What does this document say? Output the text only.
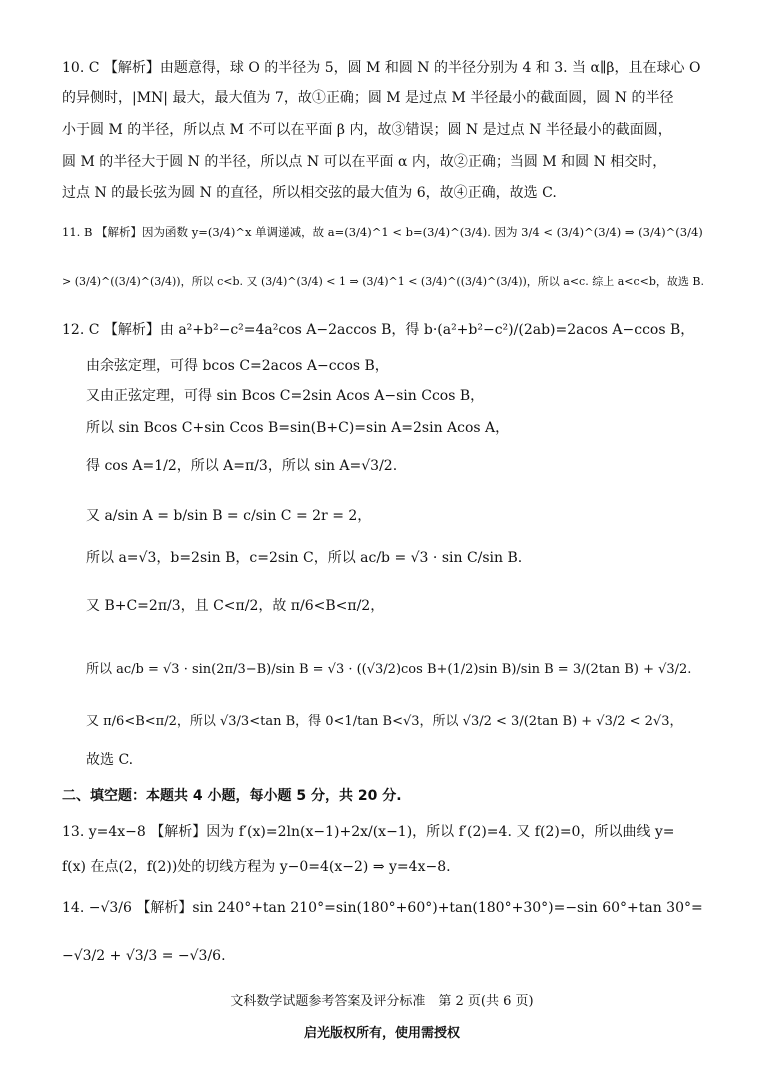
10. C 【解析】由题意得，球 O 的半径为 5，圆 M 和圆 N 的半径分别为 4 和 3. 当 α∥β，且在球心 O
的异侧时，|MN| 最大，最大值为 7，故①正确；圆 M 是过点 M 半径最小的截面圆，圆 N 的半径
小于圆 M 的半径，所以点 M 不可以在平面 β 内，故③错误；圆 N 是过点 N 半径最小的截面圆，
圆 M 的半径大于圆 N 的半径，所以点 N 可以在平面 α 内，故②正确；当圆 M 和圆 N 相交时，
过点 N 的最长弦为圆 N 的直径，所以相交弦的最大值为 6，故④正确，故选 C.
11. B 【解析】因为函数 y=(3/4)^x 单调递减，故 a=(3/4)^1 < b=(3/4)^(3/4). 因为 3/4 < (3/4)^(3/4) ⇒ (3/4)^(3/4)
> (3/4)^((3/4)^(3/4))，所以 c<b. 又 (3/4)^(3/4) < 1 ⇒ (3/4)^1 < (3/4)^((3/4)^(3/4))，所以 a<c. 综上 a<c<b，故选 B.
12. C 【解析】由 a²+b²−c²=4a²cos A−2accos B，得 b·(a²+b²−c²)/(2ab)=2acos A−ccos B，
由余弦定理，可得 bcos C=2acos A−ccos B，
又由正弦定理，可得 sin Bcos C=2sin Acos A−sin Ccos B，
所以 sin Bcos C+sin Ccos B=sin(B+C)=sin A=2sin Acos A，
得 cos A=1/2，所以 A=π/3，所以 sin A=√3/2.
又 a/sin A = b/sin B = c/sin C = 2r = 2，
所以 a=√3，b=2sin B，c=2sin C，所以 ac/b = √3 · sin C/sin B.
又 B+C=2π/3，且 C<π/2，故 π/6<B<π/2，
所以 ac/b = √3 · sin(2π/3−B)/sin B = √3 · ((√3/2)cos B+(1/2)sin B)/sin B = 3/(2tan B) + √3/2.
又 π/6<B<π/2，所以 √3/3<tan B，得 0<1/tan B<√3，所以 √3/2 < 3/(2tan B) + √3/2 < 2√3，
故选 C.
二、填空题：本题共 4 小题，每小题 5 分，共 20 分.
13. y=4x−8 【解析】因为 f′(x)=2ln(x−1)+2x/(x−1)，所以 f′(2)=4. 又 f(2)=0，所以曲线 y=
f(x) 在点(2，f(2))处的切线方程为 y−0=4(x−2) ⇒ y=4x−8.
14. −√3/6 【解析】sin 240°+tan 210°=sin(180°+60°)+tan(180°+30°)=−sin 60°+tan 30°=
−√3/2 + √3/3 = −√3/6.
文科数学试题参考答案及评分标准　第 2 页(共 6 页)
启光版权所有，使用需授权
